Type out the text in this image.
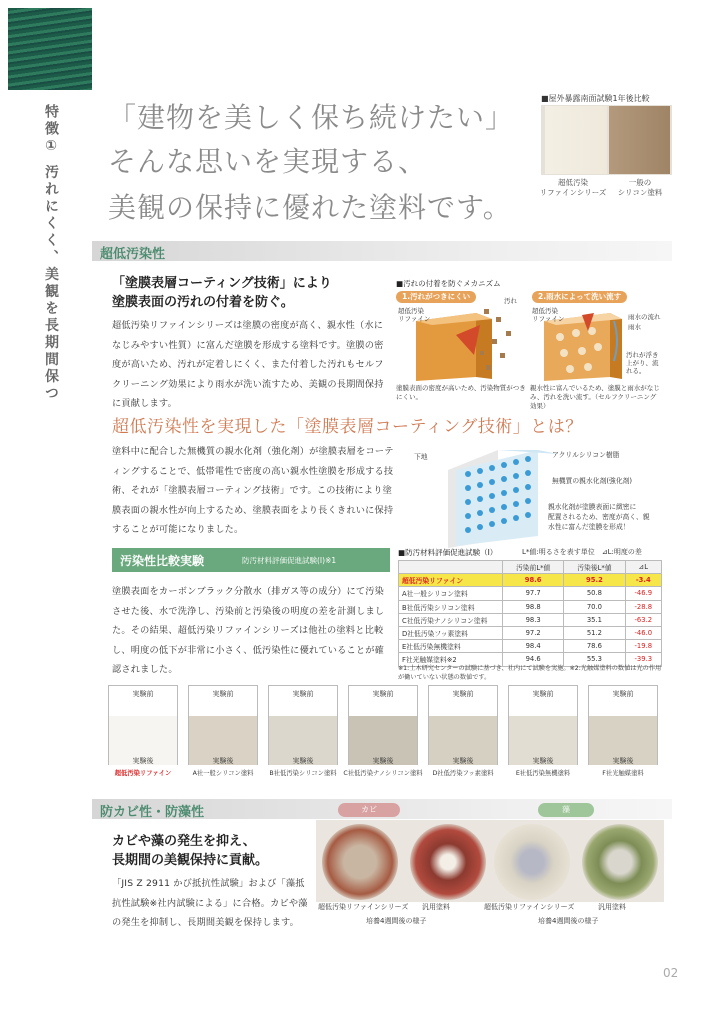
特徴① 汚れにくく、美観を長期間保つ 「建物を美しく保ち続けたい」
そんな思いを実現する、
美観の保持に優れた塗料です。
■屋外暴露南面試験1年後比較
超低汚染
リファインシリーズ
一般の
シリコン塗料
超低汚染性
「塗膜表層コーティング技術」により
塗膜表面の汚れの付着を防ぐ。
超低汚染リファインシリーズは塗膜の密度が高く、親水性（水になじみやすい性質）に富んだ塗膜を形成する塗料です。塗膜の密度が高いため、汚れが定着しにくく、また付着した汚れもセルフクリーニング効果により雨水が洗い流すため、美観の長期間保持に貢献します。
■汚れの付着を防ぐメカニズム
1.汚れがつきにくい
超低汚染
リファイン
汚れ	2.雨水によって洗い流す
超低汚染
リファイン	雨水の流れ
雨水
汚れが浮き
上がり、流れる。
塗膜表面の密度が高いため、汚染物質がつきにくい。
親水性に富んでいるため、塗膜と雨水がなじみ、汚れを洗い流す。（セルフクリーニング効果）
超低汚染性を実現した「塗膜表層コーティング技術」とは？
塗料中に配合した無機質の親水化剤（強化剤）が塗膜表層をコーティングすることで、低帯電性で密度の高い親水性塗膜を形成する技術、それが「塗膜表層コーティング技術」です。この技術により塗膜表面の親水性が向上するため、塗膜表面をより長くきれいに保持することが可能になりました。
下地	アクリルシリコン樹脂
無機質の親水化剤(強化剤)
親水化剤が塗膜表面に緻密に
配置されるため、密度が高く、親
水性に富んだ塗膜を形成！
汚染性比較実験	防汚材料評価促進試験(I)※1
塗膜表面をカーボンブラック分散水（排ガス等の成分）にて汚染させた後、水で洗浄し、汚染前と汚染後の明度の差を計測しました。その結果、超低汚染リファインシリーズは他社の塗料と比較し、明度の低下が非常に小さく、低汚染性に優れていることが確認されました。
■防汚材料評価促進試験（I）	L*値:明るさを表す単位　⊿L:明度の差
	汚染前L*値	汚染後L*値	⊿L
超低汚染リファイン	98.6	95.2	-3.4
A社一般シリコン塗料	97.7	50.8	-46.9
B社低汚染シリコン塗料	98.8	70.0	-28.8
C社低汚染ナノシリコン塗料	98.3	35.1	-63.2
D社低汚染フッ素塗料	97.2	51.2	-46.0
E社低汚染無機塗料	98.4	78.6	-19.8
F社光触媒塗料※2	94.6	55.3	-39.3
※1:土木研究センターの試験に基づき、社内にて試験を実施。※2:光触媒塗料の数値は光の作用が働いていない状態の数値です。
実験前
実験後
超低汚染リファイン
実験前
実験後
A社一般シリコン塗料
実験前
実験後
B社低汚染シリコン塗料
実験前
実験後
C社低汚染ナノシリコン塗料
実験前
実験後
D社低汚染フッ素塗料
実験前
実験後
E社低汚染無機塗料
実験前
実験後
F社光触媒塗料
防カビ性・防藻性
カビや藻の発生を抑え、
長期間の美観保持に貢献。
「JIS Z 2911 かび抵抗性試験」および「藻抵抗性試験※社内試験による」に合格。カビや藻の発生を抑制し、長期間美観を保持します。
カビ	藻
超低汚染リファインシリーズ 汎用塗料
培養4週間後の様子
超低汚染リファインシリーズ	汎用塗料
培養4週間後の様子
02
